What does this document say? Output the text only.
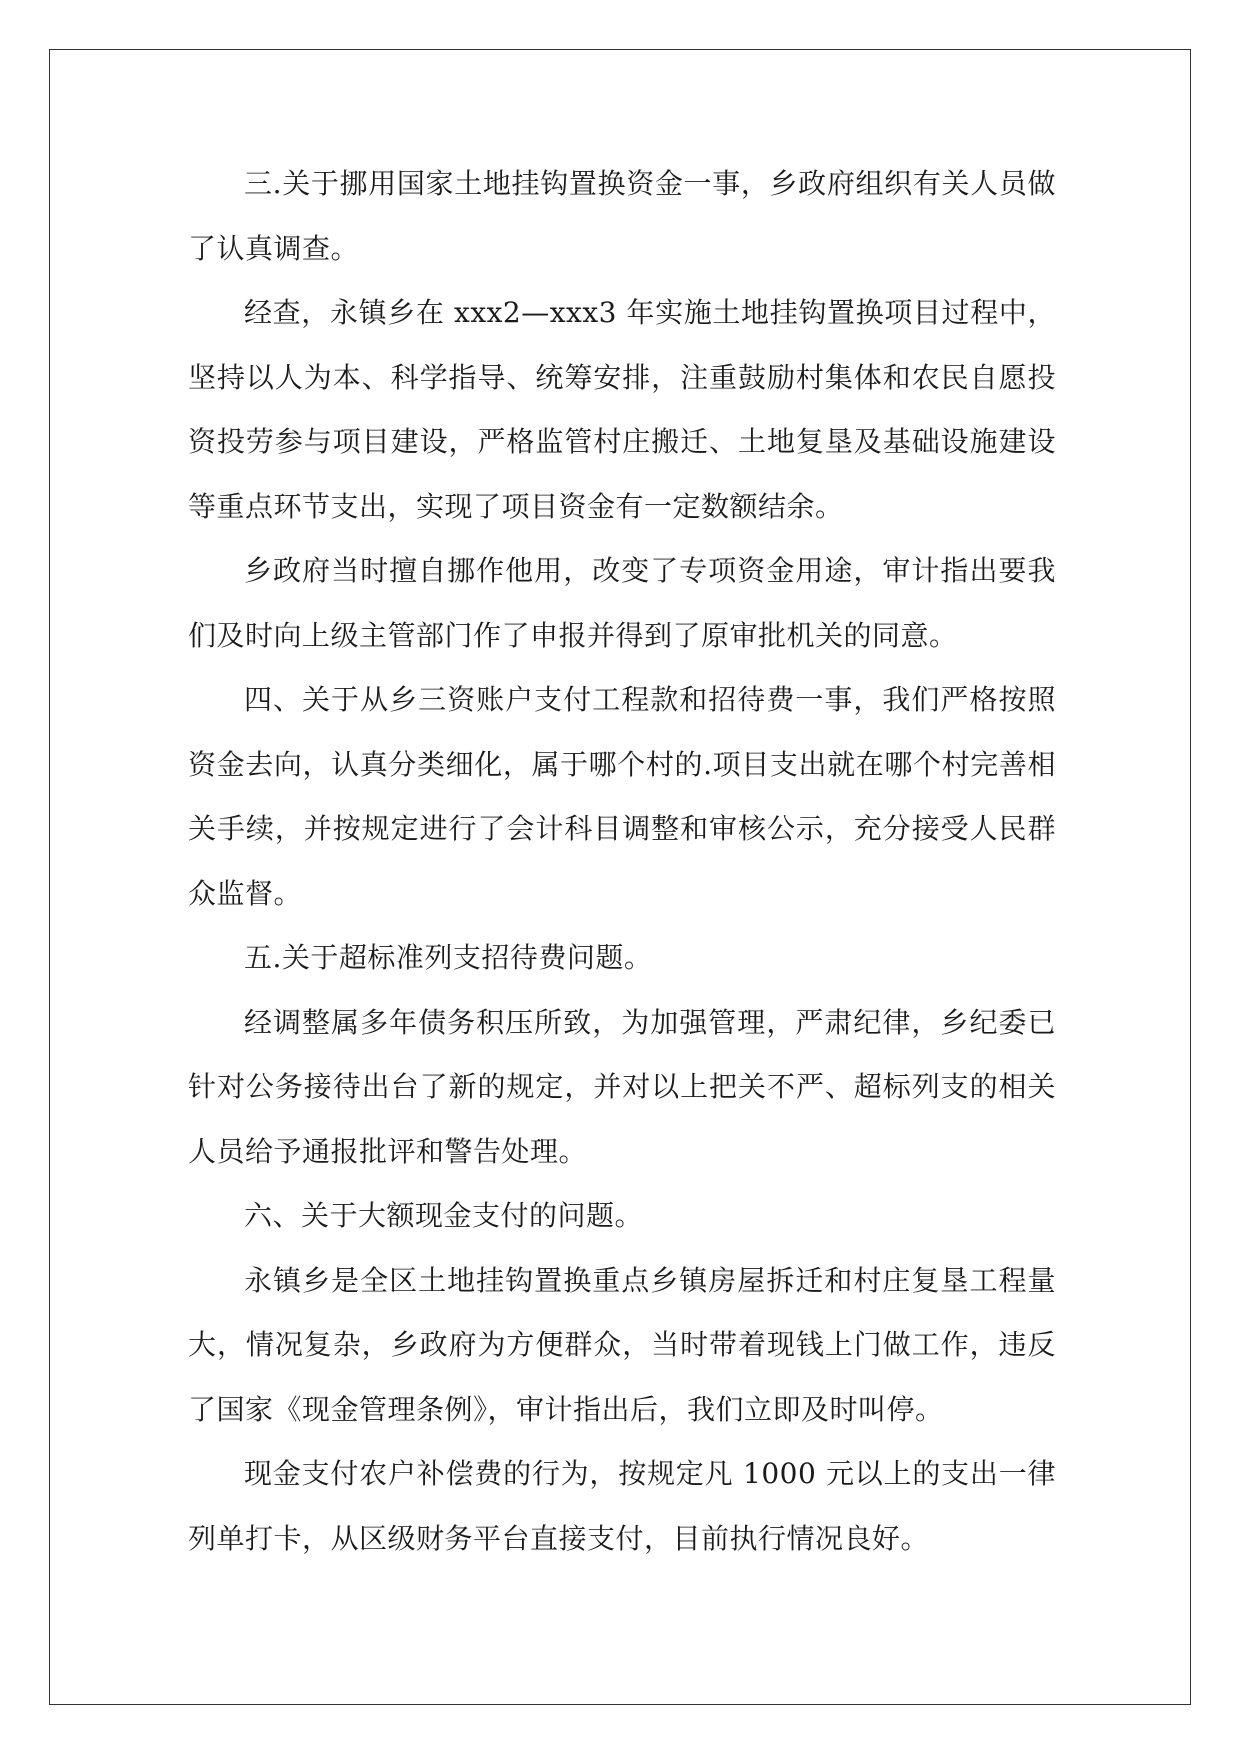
三.关于挪用国家土地挂钩置换资金一事，乡政府组织有关人员做了认真调查。

经查，永镇乡在 xxx2—xxx3 年实施土地挂钩置换项目过程中，坚持以人为本、科学指导、统筹安排，注重鼓励村集体和农民自愿投资投劳参与项目建设，严格监管村庄搬迁、土地复垦及基础设施建设等重点环节支出，实现了项目资金有一定数额结余。

乡政府当时擅自挪作他用，改变了专项资金用途，审计指出要我们及时向上级主管部门作了申报并得到了原审批机关的同意。

四、关于从乡三资账户支付工程款和招待费一事，我们严格按照资金去向，认真分类细化，属于哪个村的.项目支出就在哪个村完善相关手续，并按规定进行了会计科目调整和审核公示，充分接受人民群众监督。

五.关于超标准列支招待费问题。

经调整属多年债务积压所致，为加强管理，严肃纪律，乡纪委已针对公务接待出台了新的规定，并对以上把关不严、超标列支的相关人员给予通报批评和警告处理。

六、关于大额现金支付的问题。

永镇乡是全区土地挂钩置换重点乡镇房屋拆迁和村庄复垦工程量大，情况复杂，乡政府为方便群众，当时带着现钱上门做工作，违反了国家《现金管理条例》，审计指出后，我们立即及时叫停。

现金支付农户补偿费的行为，按规定凡 1000 元以上的支出一律列单打卡，从区级财务平台直接支付，目前执行情况良好。
